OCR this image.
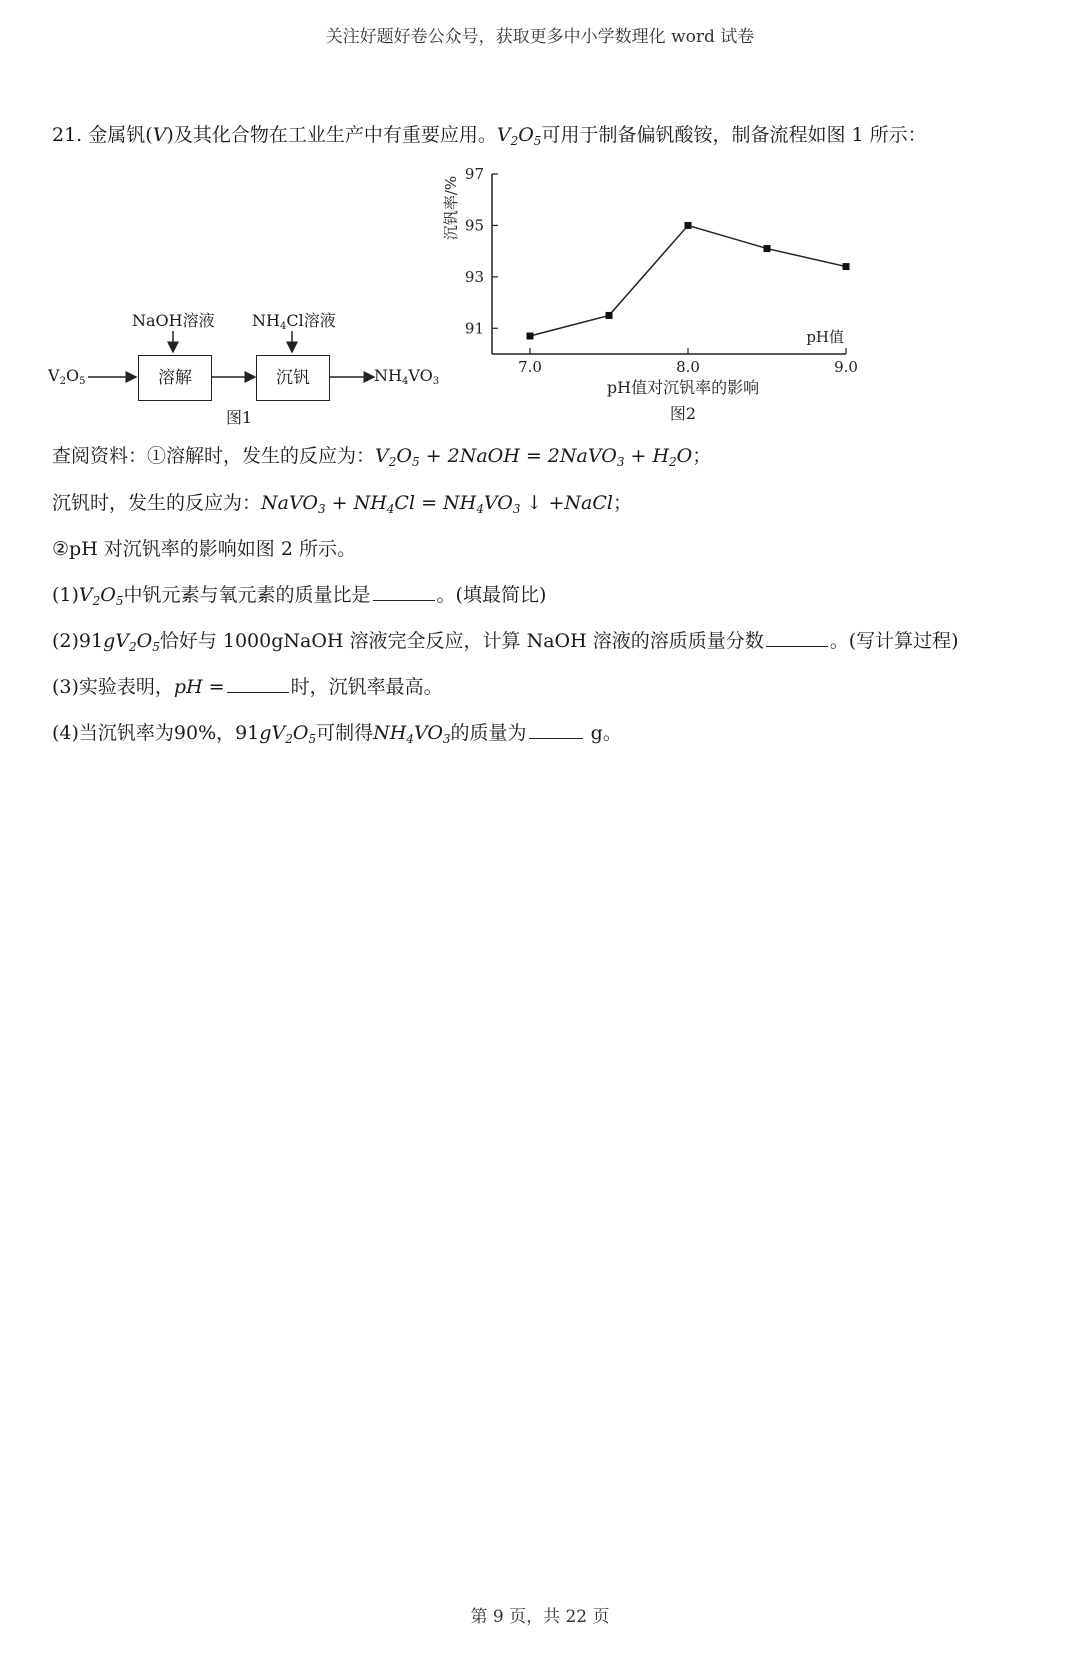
关注好题好卷公众号，获取更多中小学数理化 word 试卷
21. 金属钒(V)及其化合物在工业生产中有重要应用。$V_2O_5$可用于制备偏钒酸铵，制备流程如图 1 所示：
$V_2O_5$
NaOH溶液 $NH_4Cl$溶液
溶解	沉钒	$NH_4VO_3$
图1
91
93
95
97
7.0	8.0	9.0
pH值
沉钒率/%
pH值对沉钒率的影响
图2
查阅资料：①溶解时，发生的反应为：$V_2O_5$ + 2NaOH = 2NaVO$_3$ + $H_2O$；
沉钒时，发生的反应为：NaVO$_3$ + $NH_4Cl = NH_4VO_3$ ↓ +NaCl；
②pH 对沉钒率的影响如图 2 所示。
$(1)V_2O_5$中钒元素与氧元素的质量比是	。(填最简比)
$(2)91gV_2O_5$恰好与 1000gNaOH 溶液完全反应，计算 NaOH 溶液的溶质质量分数	。(写计算过程)
(3)实验表明，pH =	时，沉钒率最高。
(4)当沉钒率为90%，$91gV_2O_5$可制得$NH_4VO_3$的质量为	g。
第 9 页，共 22 页
